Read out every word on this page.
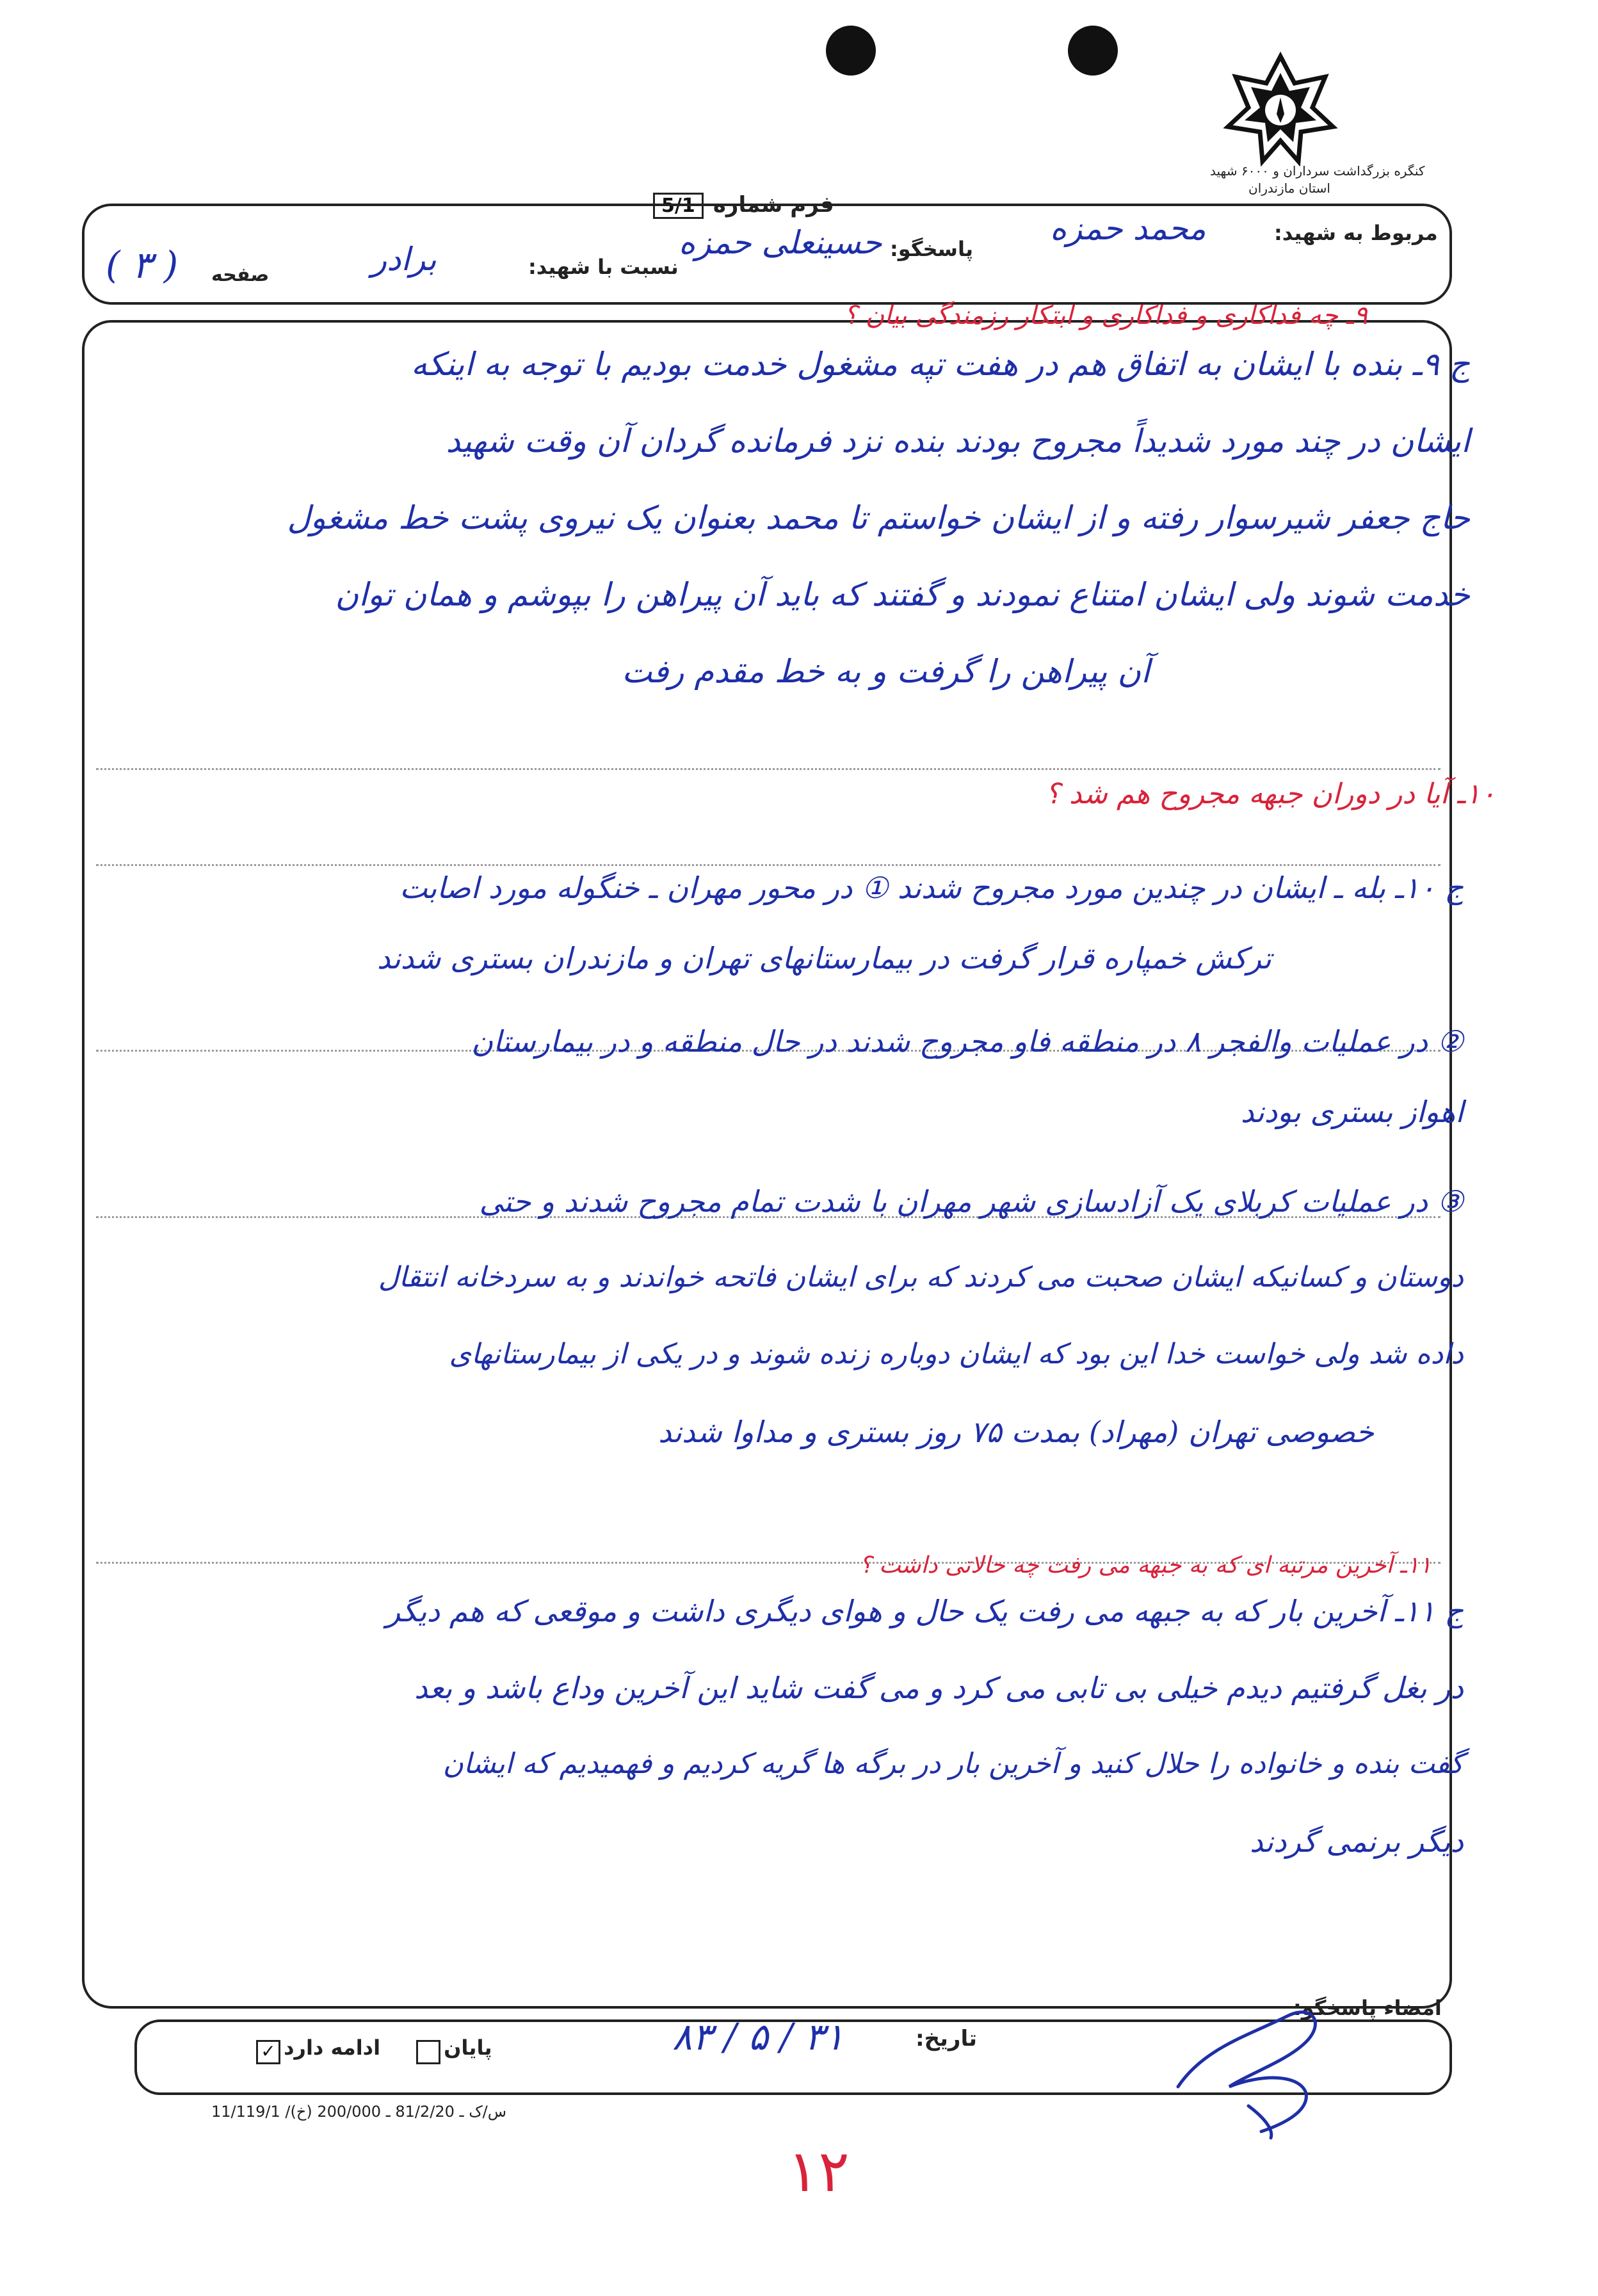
کنگره بزرگداشت سرداران و ۶۰۰۰ شهید
استان مازندران
فرم شماره 5/1
مربوط به شهید:
محمد حمزه
پاسخگو:
حسینعلی حمزه
نسبت با شهید:
برادر
صفحه
( ۳ )
۹ـ چه فداکاری و فداکاری و ابتکار رزمندگی بیان ؟
ج ۹ـ بنده با ایشان به اتفاق هم در هفت تپه مشغول خدمت بودیم با توجه به اینکه
ایشان در چند مورد شدیداً مجروح بودند بنده نزد فرمانده گردان آن وقت شهید
حاج جعفر شیرسوار رفته و از ایشان خواستم تا محمد بعنوان یک نیروی پشت خط مشغول
خدمت شوند ولی ایشان امتناع نمودند و گفتند که باید آن پیراهن را بپوشم و همان توان
آن پیراهن را گرفت و به خط مقدم رفت
۱۰ـ آیا در دوران جبهه مجروح هم شد ؟
ج ۱۰ـ بله ـ ایشان در چندین مورد مجروح شدند ① در محور مهران ـ خنگوله مورد اصابت
ترکش خمپاره قرار گرفت در بیمارستانهای تهران و مازندران بستری شدند
② در عملیات والفجر ۸ در منطقه فاو مجروح شدند در حال منطقه و در بیمارستان
اهواز بستری بودند
③ در عملیات کربلای یک آزادسازی شهر مهران با شدت تمام مجروح شدند و حتی
دوستان و کسانیکه ایشان صحبت می کردند که برای ایشان فاتحه خواندند و به سردخانه انتقال
داده شد ولی خواست خدا این بود که ایشان دوباره زنده شوند و در یکی از بیمارستانهای
خصوصی تهران (مهراد) بمدت ۷۵ روز بستری و مداوا شدند
۱۱ـ آخرین مرتبه ای که به جبهه می رفت چه حالاتی داشت ؟
ج ۱۱ـ آخرین بار که به جبهه می رفت یک حال و هوای دیگری داشت و موقعی که هم دیگر
در بغل گرفتیم دیدم خیلی بی تابی می کرد و می گفت شاید این آخرین وداع باشد و بعد
گفت بنده و خانواده را حلال کنید و آخرین بار در برگه ها گریه کردیم و فهمیدیم که ایشان
دیگر برنمی گردند
امضاء پاسخگو:
تاریخ:
۸۳ / ۵ / ۳۱
پایان
ادامه دارد ✓
11/119/1 /س/ک ـ 81/2/20 ـ 200/000 (خ)
۱۲
